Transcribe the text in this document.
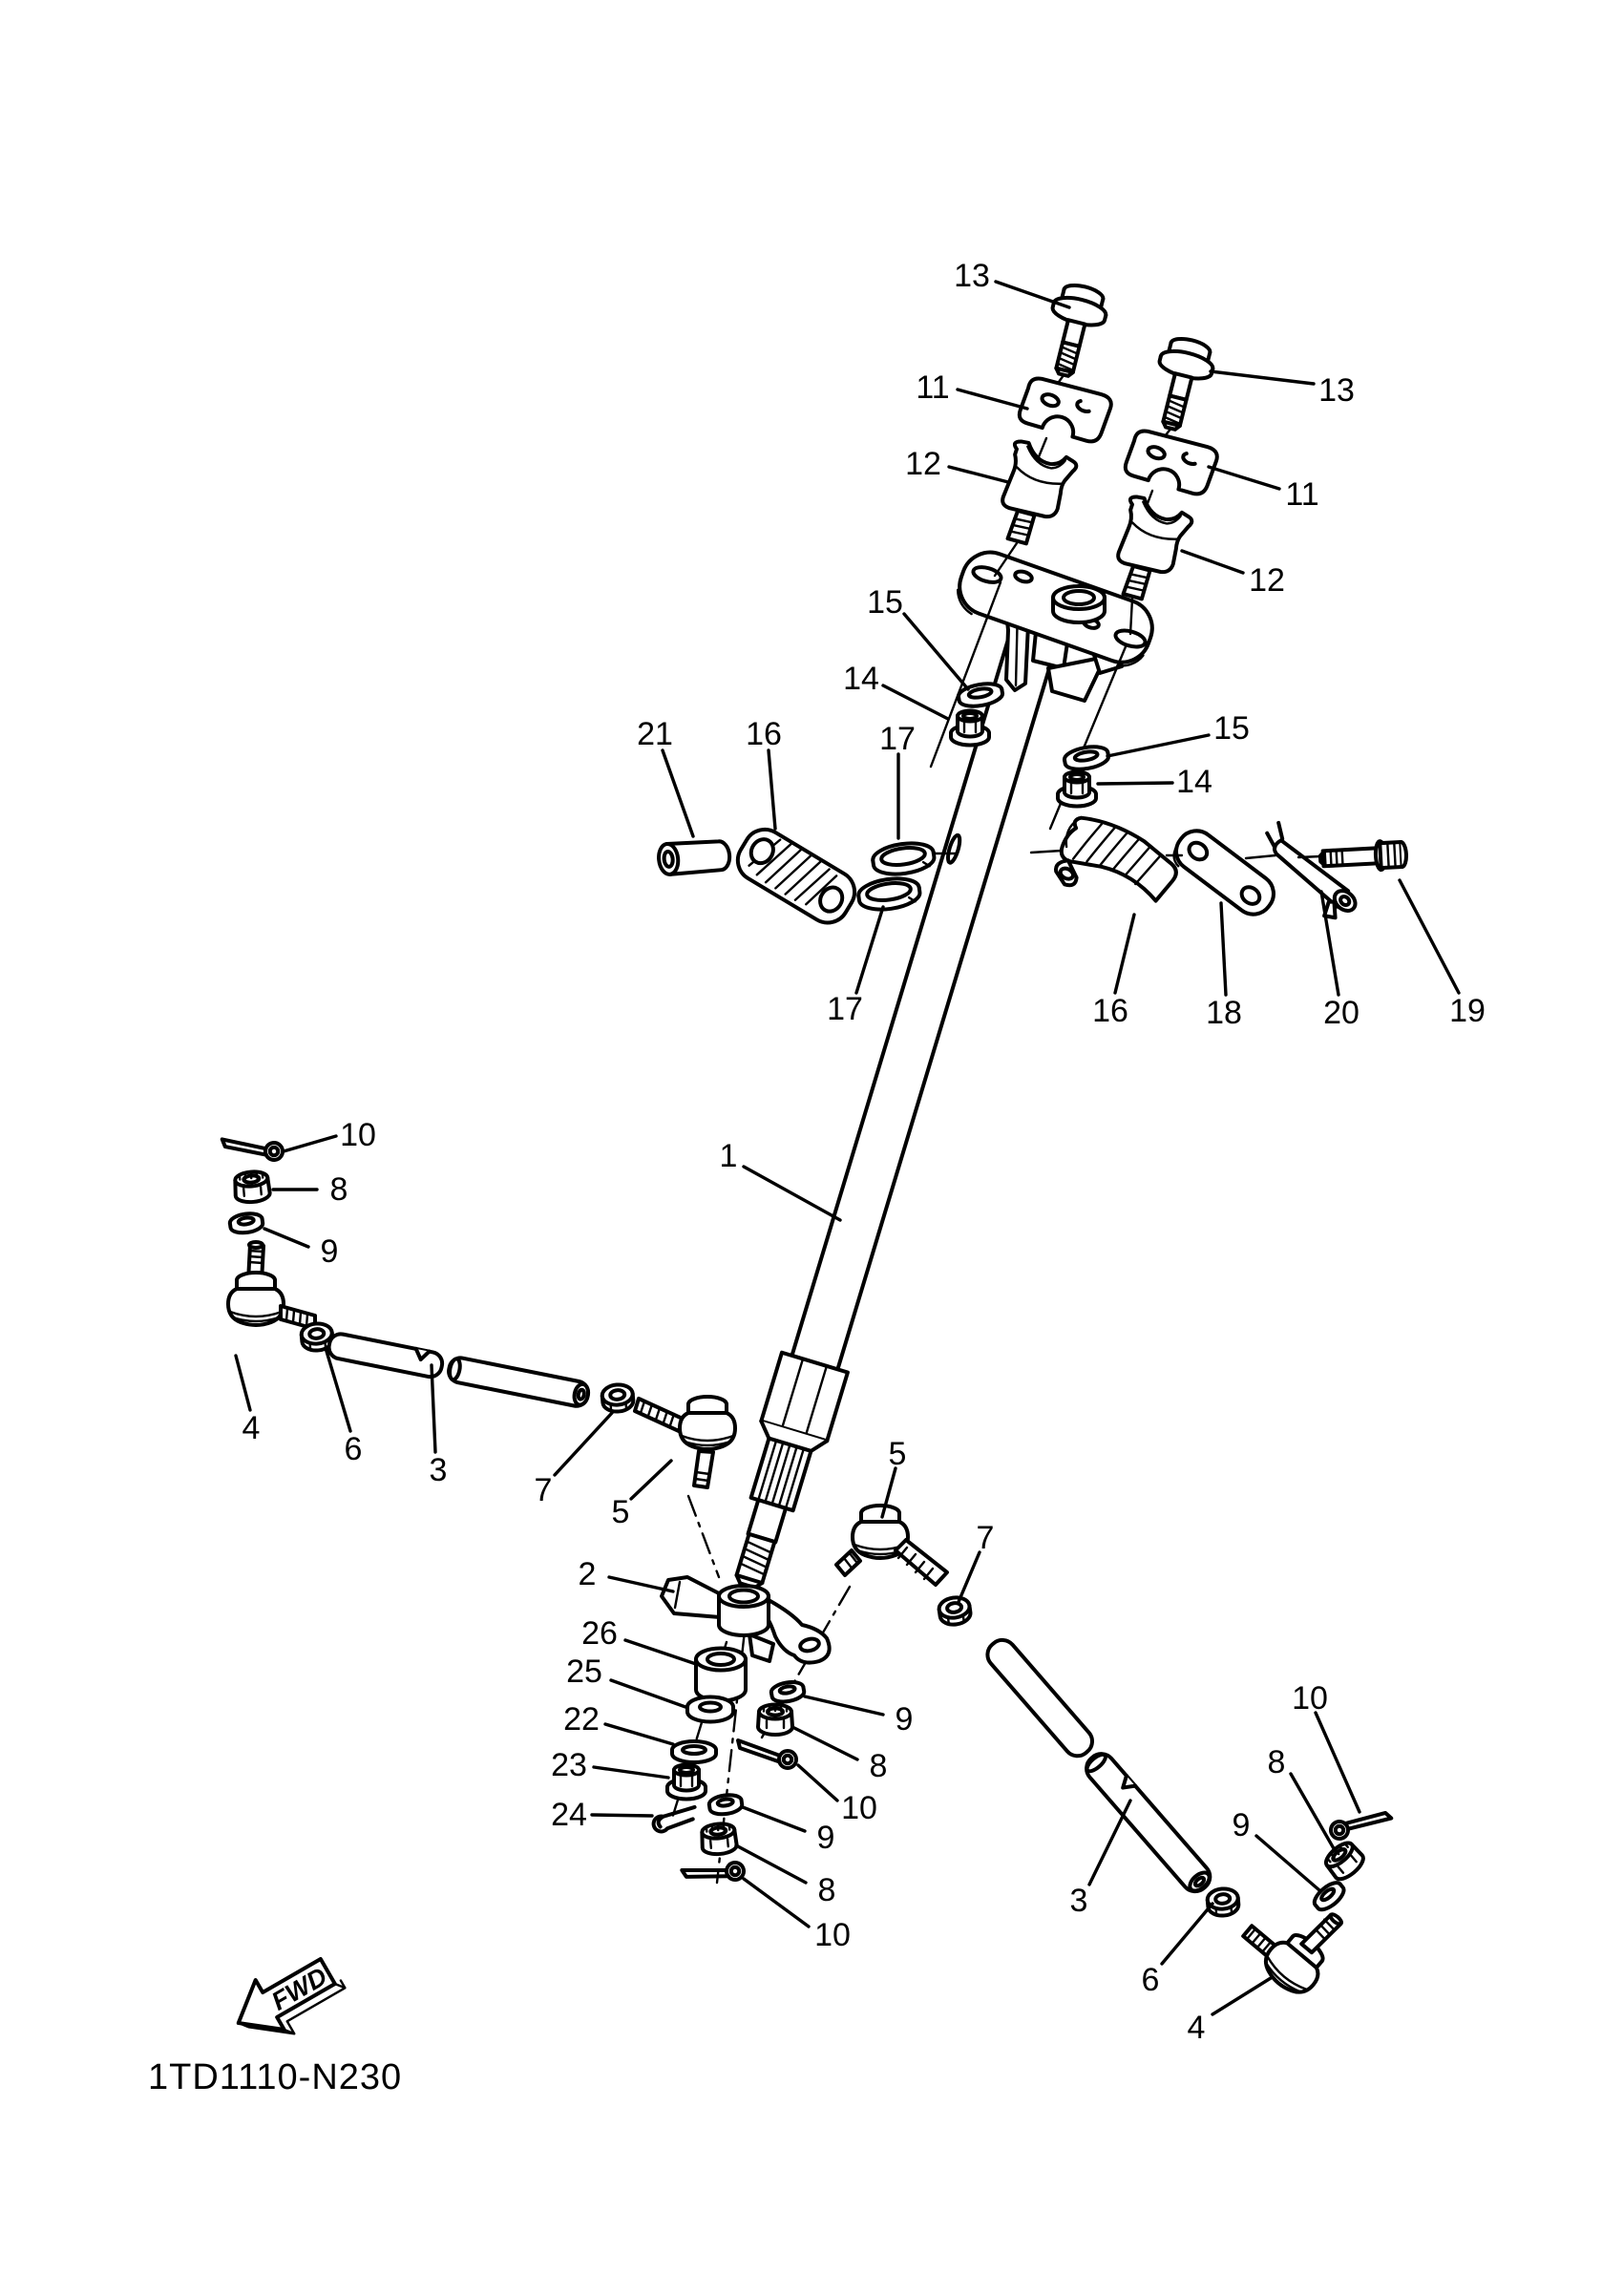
FWD
1TD1110-N230
13
11
12
13
11
12
15
14
17
21 16	15
14
17	16 18	20	19
1
10
8
9
4
6
3
7
5
5
7
2
26
25
22
23
24
9
8
10
9
8
10
10
8
9
3
6
4
